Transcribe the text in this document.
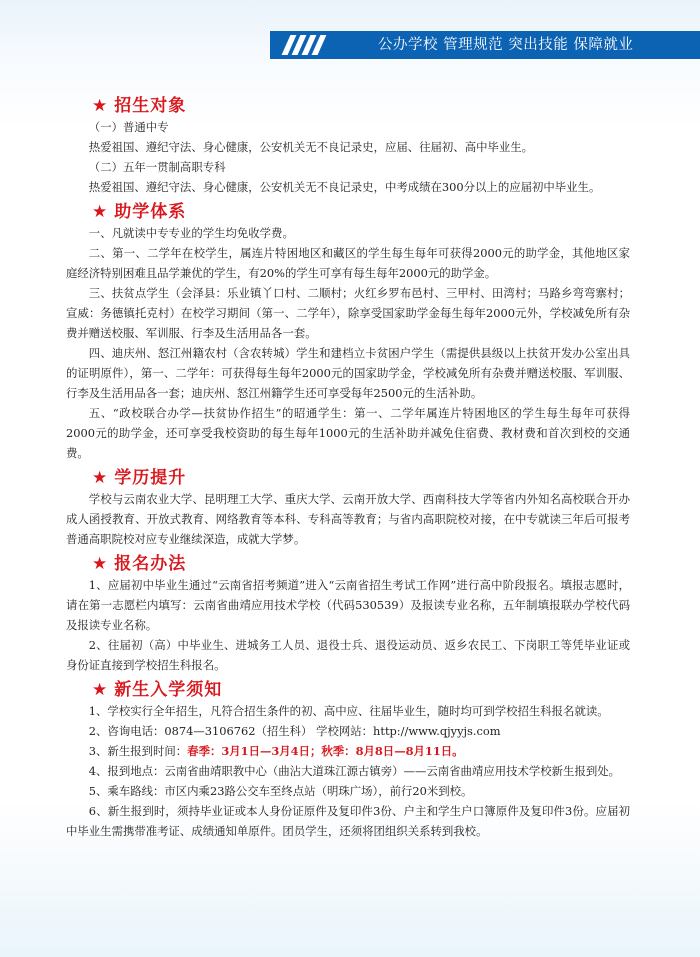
公办学校 管理规范 突出技能 保障就业
★ 招生对象

（一）普通中专

热爱祖国、遵纪守法、身心健康，公安机关无不良记录史，应届、往届初、高中毕业生。

（二）五年一贯制高职专科

热爱祖国、遵纪守法、身心健康，公安机关无不良记录史，中考成绩在300分以上的应届初中毕业生。

★ 助学体系

一、凡就读中专专业的学生均免收学费。

二、第一、二学年在校学生，属连片特困地区和藏区的学生每生每年可获得2000元的助学金，其他地区家庭经济特别困难且品学兼优的学生，有20%的学生可享有每生每年2000元的助学金。

三、扶贫点学生（会泽县：乐业镇丫口村、二顺村；火红乡罗布邑村、三甲村、田湾村；马路乡弯弯寨村；宣威：务德镇托克村）在校学习期间（第一、二学年），除享受国家助学金每生每年2000元外，学校减免所有杂费并赠送校服、军训服、行李及生活用品各一套。

四、迪庆州、怒江州籍农村（含农转城）学生和建档立卡贫困户学生（需提供县级以上扶贫开发办公室出具的证明原件），第一、二学年：可获得每生每年2000元的国家助学金，学校减免所有杂费并赠送校服、军训服、行李及生活用品各一套；迪庆州、怒江州籍学生还可享受每年2500元的生活补助。

五、“政校联合办学—扶贫协作招生”的昭通学生：第一、二学年属连片特困地区的学生每生每年可获得2000元的助学金，还可享受我校资助的每生每年1000元的生活补助并减免住宿费、教材费和首次到校的交通费。

★ 学历提升

学校与云南农业大学、昆明理工大学、重庆大学、云南开放大学、西南科技大学等省内外知名高校联合开办成人函授教育、开放式教育、网络教育等本科、专科高等教育；与省内高职院校对接，在中专就读三年后可报考普通高职院校对应专业继续深造，成就大学梦。

★ 报名办法

1、应届初中毕业生通过“云南省招考频道”进入“云南省招生考试工作网”进行高中阶段报名。填报志愿时，请在第一志愿栏内填写：云南省曲靖应用技术学校（代码530539）及报读专业名称，五年制填报联办学校代码及报读专业名称。

2、往届初（高）中毕业生、进城务工人员、退役士兵、退役运动员、返乡农民工、下岗职工等凭毕业证或身份证直接到学校招生科报名。

★ 新生入学须知

1、学校实行全年招生，凡符合招生条件的初、高中应、往届毕业生，随时均可到学校招生科报名就读。

2、咨询电话：0874—3106762（招生科） 学校网站：http://www.qjyyjs.com

3、新生报到时间：春季：3月1日—3月4日；秋季：8月8日—8月11日。

4、报到地点：云南省曲靖职教中心（曲沾大道珠江源古镇旁）——云南省曲靖应用技术学校新生报到处。

5、乘车路线：市区内乘23路公交车至终点站（明珠广场），前行20米到校。

6、新生报到时，须持毕业证或本人身份证原件及复印件3份、户主和学生户口簿原件及复印件3份。应届初中毕业生需携带准考证、成绩通知单原件。团员学生，还须将团组织关系转到我校。
